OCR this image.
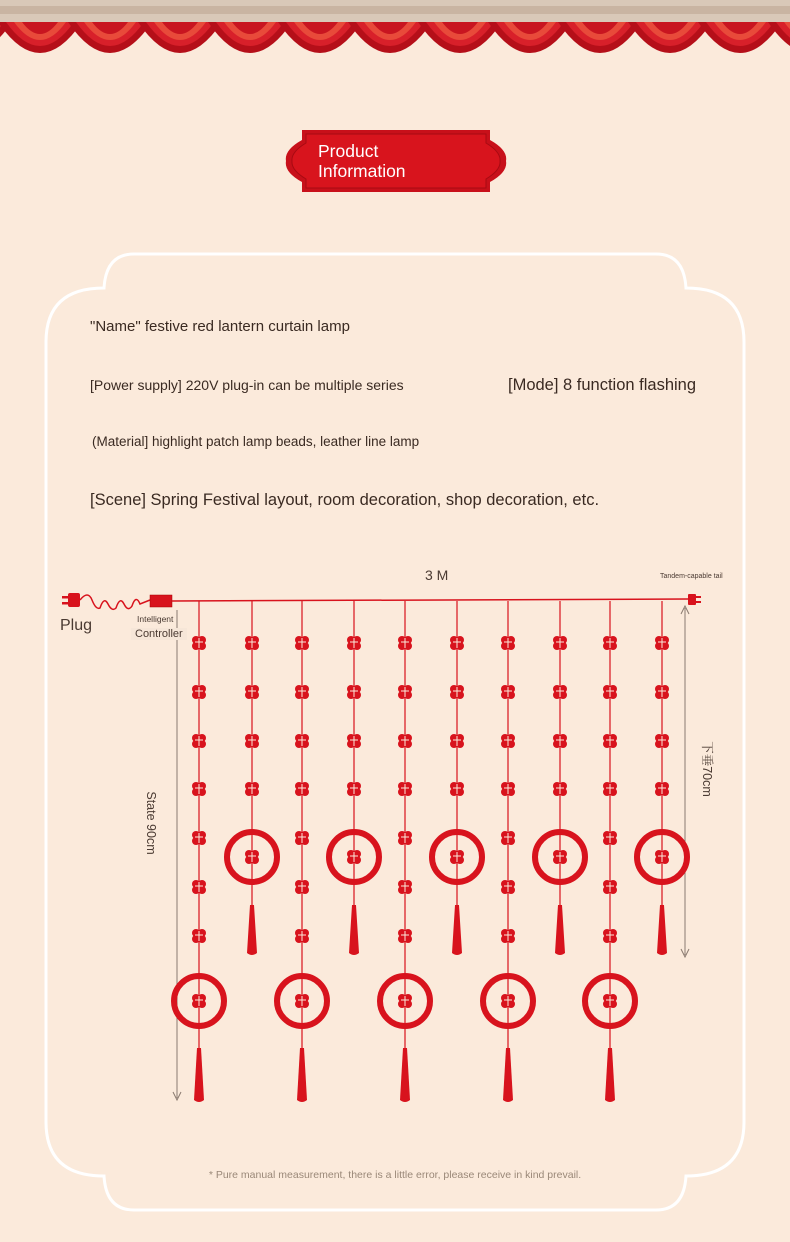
Product
Information
"Name" festive red lantern curtain lamp
[Power supply] 220V plug-in can be multiple series	[Mode] 8 function flashing
(Material] highlight patch lamp beads, leather line lamp
[Scene] Spring Festival layout, room decoration, shop decoration, etc.
3 M	Tandem-capable tail
Plug	Intelligent
Controller
State 90cm
下垂70cm
* Pure manual measurement, there is a little error, please receive in kind prevail.
